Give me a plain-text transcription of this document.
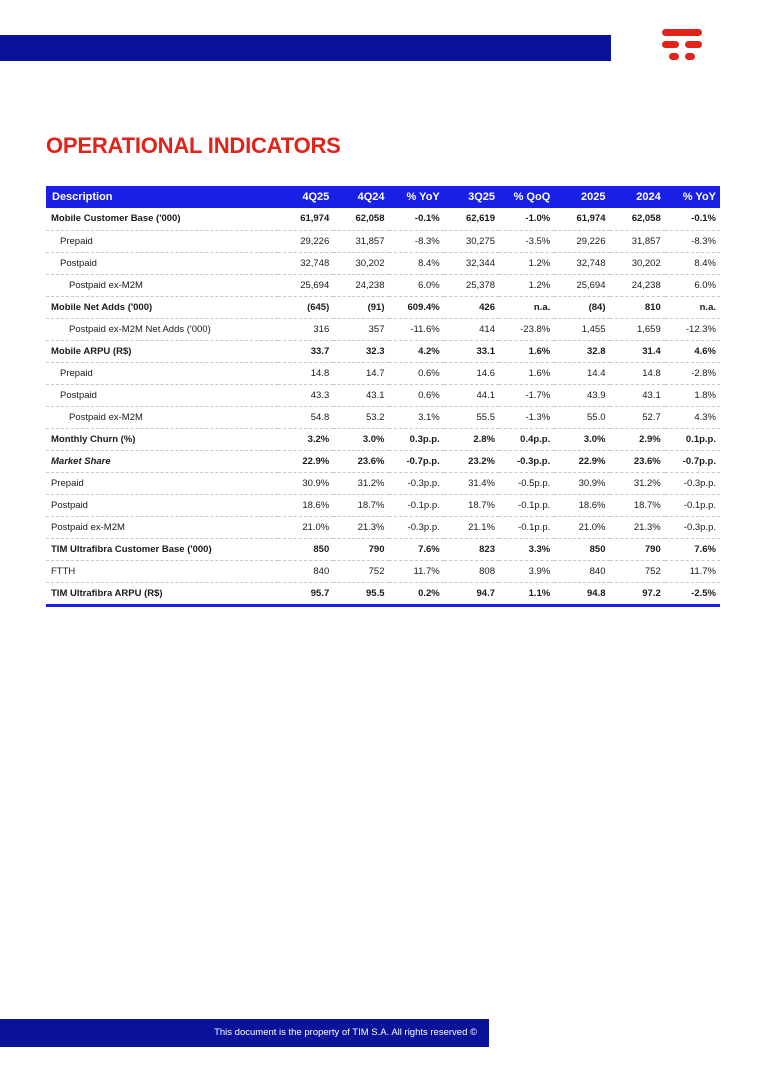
OPERATIONAL INDICATORS
Description	4Q25	4Q24	% YoY	3Q25	% QoQ	2025	2024	% YoY
Mobile Customer Base ('000)	61,974	62,058	-0.1%	62,619	-1.0%	61,974	62,058	-0.1%
Prepaid	29,226	31,857	-8.3%	30,275	-3.5%	29,226	31,857	-8.3%
Postpaid	32,748	30,202	8.4%	32,344	1.2%	32,748	30,202	8.4%
Postpaid ex-M2M	25,694	24,238	6.0%	25,378	1.2%	25,694	24,238	6.0%
Mobile Net Adds ('000)	(645)	(91)	609.4%	426	n.a.	(84)	810	n.a.
Postpaid ex-M2M Net Adds ('000)	316	357	-11.6%	414	-23.8%	1,455	1,659	-12.3%
Mobile ARPU (R$)	33.7	32.3	4.2%	33.1	1.6%	32.8	31.4	4.6%
Prepaid	14.8	14.7	0.6%	14.6	1.6%	14.4	14.8	-2.8%
Postpaid	43.3	43.1	0.6%	44.1	-1.7%	43.9	43.1	1.8%
Postpaid ex-M2M	54.8	53.2	3.1%	55.5	-1.3%	55.0	52.7	4.3%
Monthly Churn (%)	3.2%	3.0%	0.3p.p.	2.8%	0.4p.p.	3.0%	2.9%	0.1p.p.
Market Share	22.9%	23.6%	-0.7p.p.	23.2%	-0.3p.p.	22.9%	23.6%	-0.7p.p.
Prepaid	30.9%	31.2%	-0.3p.p.	31.4%	-0.5p.p.	30.9%	31.2%	-0.3p.p.
Postpaid	18.6%	18.7%	-0.1p.p.	18.7%	-0.1p.p.	18.6%	18.7%	-0.1p.p.
Postpaid ex-M2M	21.0%	21.3%	-0.3p.p.	21.1%	-0.1p.p.	21.0%	21.3%	-0.3p.p.
TIM Ultrafibra Customer Base ('000)	850	790	7.6%	823	3.3%	850	790	7.6%
FTTH	840	752	11.7%	808	3.9%	840	752	11.7%
TIM Ultrafibra ARPU (R$)	95.7	95.5	0.2%	94.7	1.1%	94.8	97.2	-2.5%
This document is the property of TIM S.A. All rights reserved ©
